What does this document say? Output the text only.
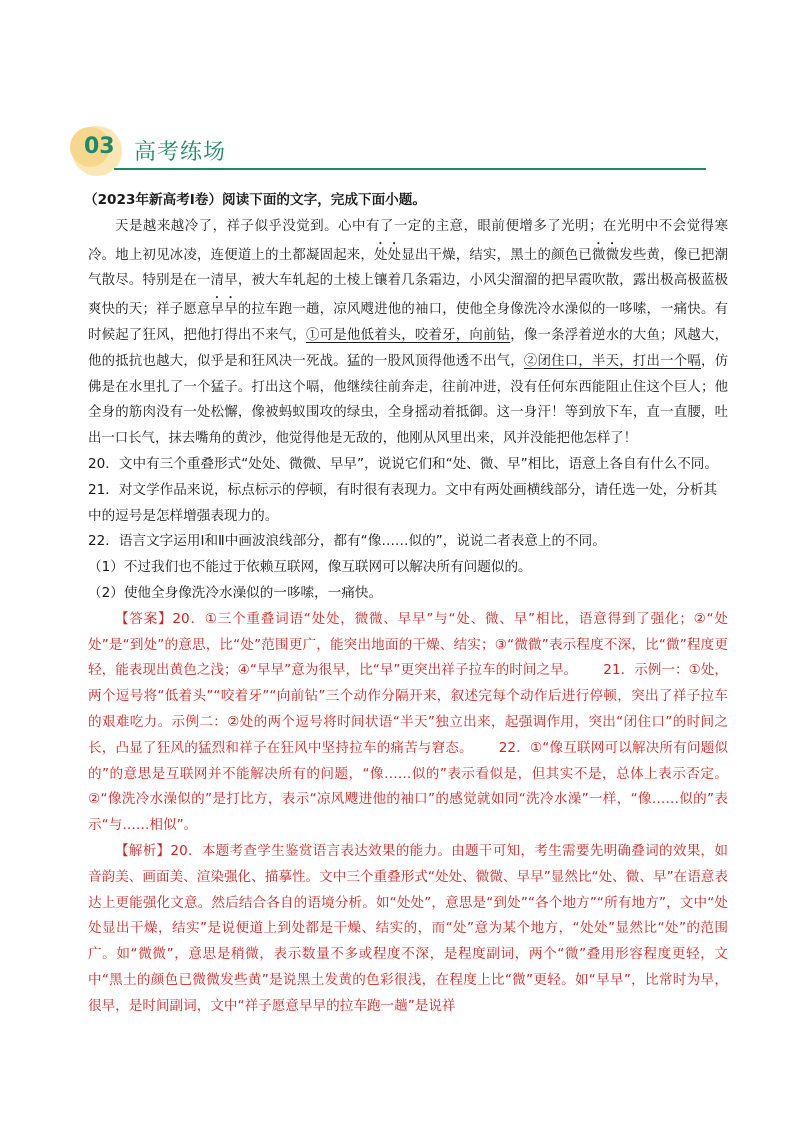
03 高考练场

（2023年新高考Ⅰ卷）阅读下面的文字，完成下面小题。

天是越来越冷了，祥子似乎没觉到。心中有了一定的主意，眼前便增多了光明；在光明中不会觉得寒冷。地上初见冰凌，连便道上的土都凝固起来，处处显出干燥，结实，黑土的颜色已微微发些黄，像已把潮气散尽。特别是在一清早，被大车轧起的土棱上镶着几条霜边，小风尖溜溜的把早霞吹散，露出极高极蓝极爽快的天；祥子愿意早早的拉车跑一趟，凉风飕进他的袖口，使他全身像洗冷水澡似的一哆嗦，一痛快。有时候起了狂风，把他打得出不来气，①可是他低着头，咬着牙，向前钻，像一条浮着逆水的大鱼；风越大，他的抵抗也越大，似乎是和狂风决一死战。猛的一股风顶得他透不出气，②闭住口，半天，打出一个嗝，仿佛是在水里扎了一个猛子。打出这个嗝，他继续往前奔走，往前冲进，没有任何东西能阻止住这个巨人；他全身的筋肉没有一处松懈，像被蚂蚁围攻的绿虫，全身摇动着抵御。这一身汗！等到放下车，直一直腰，吐出一口长气，抹去嘴角的黄沙，他觉得他是无敌的，他刚从风里出来，风并没能把他怎样了！

20．文中有三个重叠形式“处处、微微、早早”，说说它们和“处、微、早”相比，语意上各自有什么不同。

21．对文学作品来说，标点标示的停顿，有时很有表现力。文中有两处画横线部分，请任选一处，分析其中的逗号是怎样增强表现力的。

22．语言文字运用Ⅰ和Ⅱ中画波浪线部分，都有“像……似的”，说说二者表意上的不同。

（1）不过我们也不能过于依赖互联网，像互联网可以解决所有问题似的。

（2）使他全身像洗冷水澡似的一哆嗦，一痛快。

【答案】20．①三个重叠词语“处处，微微、早早”与“处、微、早”相比，语意得到了强化；②“处处”是“到处”的意思，比“处”范围更广，能突出地面的干燥、结实；③“微微”表示程度不深，比“微”程度更轻，能表现出黄色之浅；④“早早”意为很早，比“早”更突出祥子拉车的时间之早。 21．示例一：①处，两个逗号将“低着头”“咬着牙”“向前钻”三个动作分隔开来，叙述完每个动作后进行停顿，突出了祥子拉车的艰难吃力。示例二：②处的两个逗号将时间状语“半天”独立出来，起强调作用，突出“闭住口”的时间之长，凸显了狂风的猛烈和祥子在狂风中坚持拉车的痛苦与窘态。 22．①“像互联网可以解决所有问题似的”的意思是互联网并不能解决所有的问题，“像……似的”表示看似是，但其实不是，总体上表示否定。②“像洗冷水澡似的”是打比方，表示“凉风飕进他的袖口”的感觉就如同“洗冷水澡”一样，“像……似的”表示“与……相似”。

【解析】20．本题考查学生鉴赏语言表达效果的能力。由题干可知，考生需要先明确叠词的效果，如音韵美、画面美、渲染强化、描摹性。文中三个重叠形式“处处、微微、早早”显然比“处、微、早”在语意表达上更能强化文意。然后结合各自的语境分析。如“处处”，意思是“到处”“各个地方”“所有地方”，文中“处处显出干燥，结实”是说便道上到处都是干燥、结实的，而“处”意为某个地方，“处处”显然比“处”的范围广。如“微微”，意思是稍微，表示数量不多或程度不深，是程度副词，两个“微”叠用形容程度更轻，文中“黑土的颜色已微微发些黄”是说黑土发黄的色彩很浅，在程度上比“微”更轻。如“早早”，比常时为早，很早，是时间副词，文中“祥子愿意早早的拉车跑一趟”是说祥
